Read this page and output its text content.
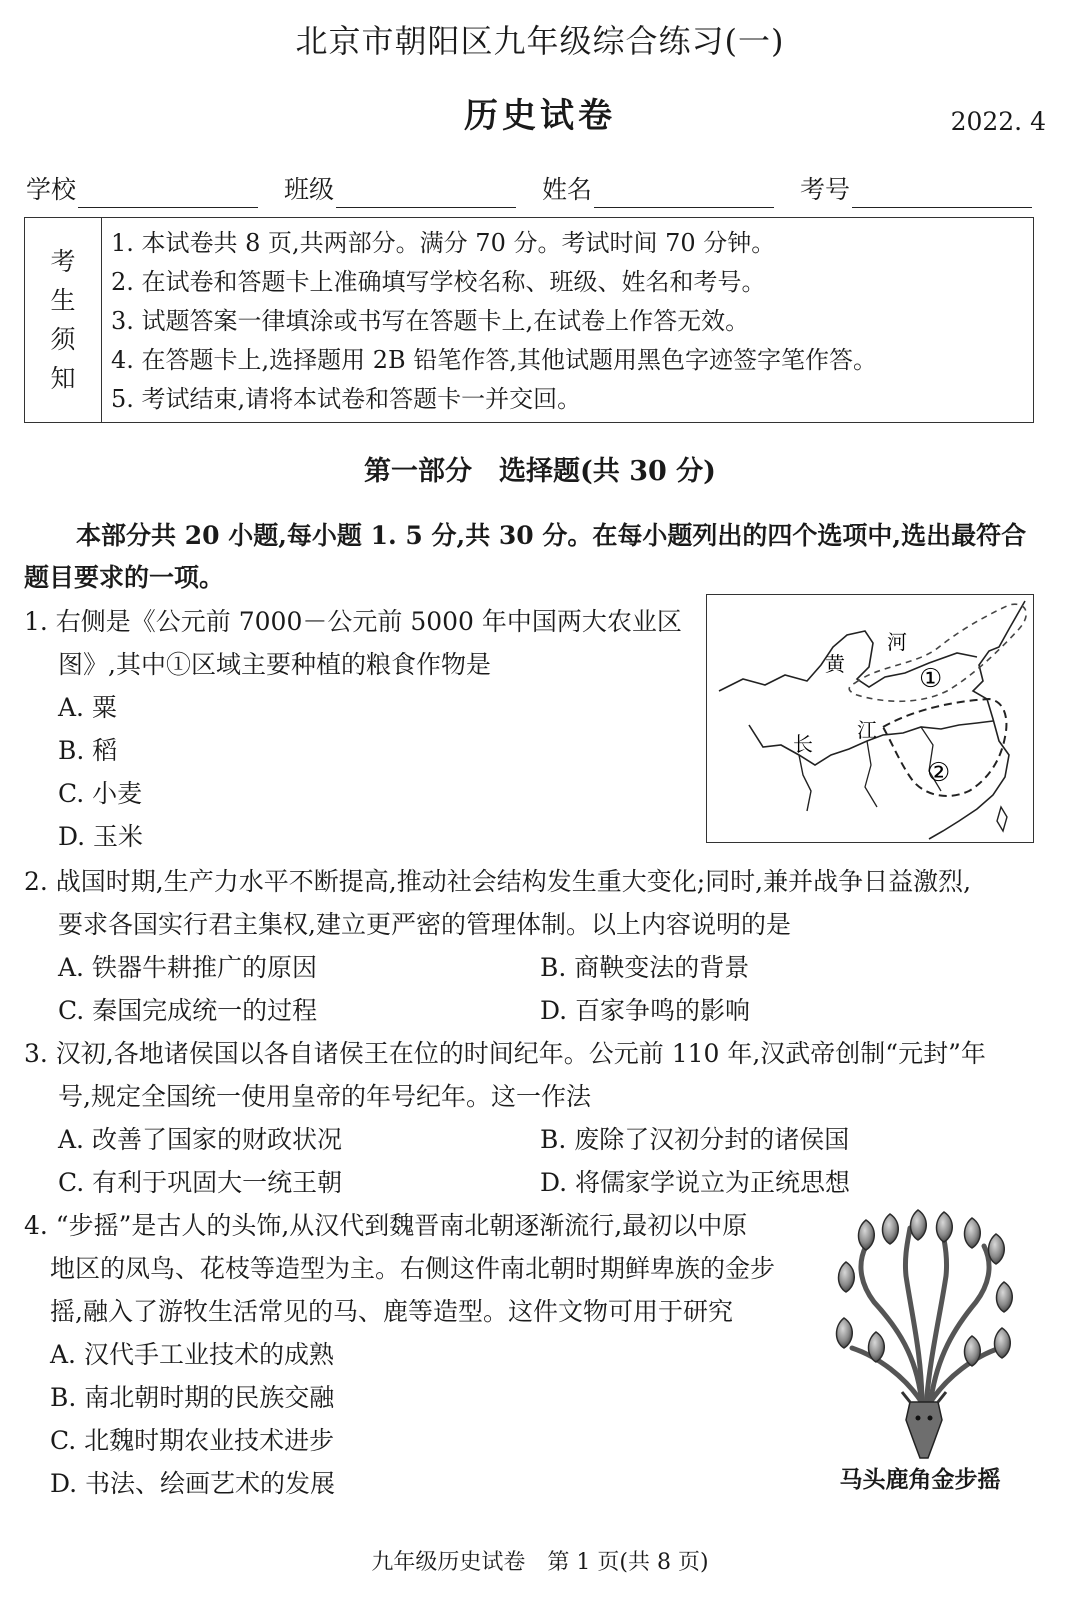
北京市朝阳区九年级综合练习(一)
历史试卷	2022. 4
学校	班级	姓名	考号
考
生
须
知
1. 本试卷共 8 页,共两部分。满分 70 分。考试时间 70 分钟。
2. 在试卷和答题卡上准确填写学校名称、班级、姓名和考号。
3. 试题答案一律填涂或书写在答题卡上,在试卷上作答无效。
4. 在答题卡上,选择题用 2B 铅笔作答,其他试题用黑色字迹签字笔作答。
5. 考试结束,请将本试卷和答题卡一并交回。
第一部分　选择题(共 30 分)
本部分共 20 小题,每小题 1. 5 分,共 30 分。在每小题列出的四个选项中,选出最符合
题目要求的一项。
1. 右侧是《公元前 7000－公元前 5000 年中国两大农业区
图》,其中①区域主要种植的粮食作物是
A. 粟
B. 稻
C. 小麦
D. 玉米
河
黄
长
江
①
②
2. 战国时期,生产力水平不断提高,推动社会结构发生重大变化;同时,兼并战争日益激烈,
要求各国实行君主集权,建立更严密的管理体制。以上内容说明的是
A. 铁器牛耕推广的原因	B. 商鞅变法的背景
C. 秦国完成统一的过程	D. 百家争鸣的影响
3. 汉初,各地诸侯国以各自诸侯王在位的时间纪年。公元前 110 年,汉武帝创制“元封”年
号,规定全国统一使用皇帝的年号纪年。这一作法
A. 改善了国家的财政状况	B. 废除了汉初分封的诸侯国
C. 有利于巩固大一统王朝	D. 将儒家学说立为正统思想
4. “步摇”是古人的头饰,从汉代到魏晋南北朝逐渐流行,最初以中原
地区的凤鸟、花枝等造型为主。右侧这件南北朝时期鲜卑族的金步
摇,融入了游牧生活常见的马、鹿等造型。这件文物可用于研究
A. 汉代手工业技术的成熟
B. 南北朝时期的民族交融
C. 北魏时期农业技术进步
D. 书法、绘画艺术的发展	马头鹿角金步摇
九年级历史试卷　第 1 页(共 8 页)
